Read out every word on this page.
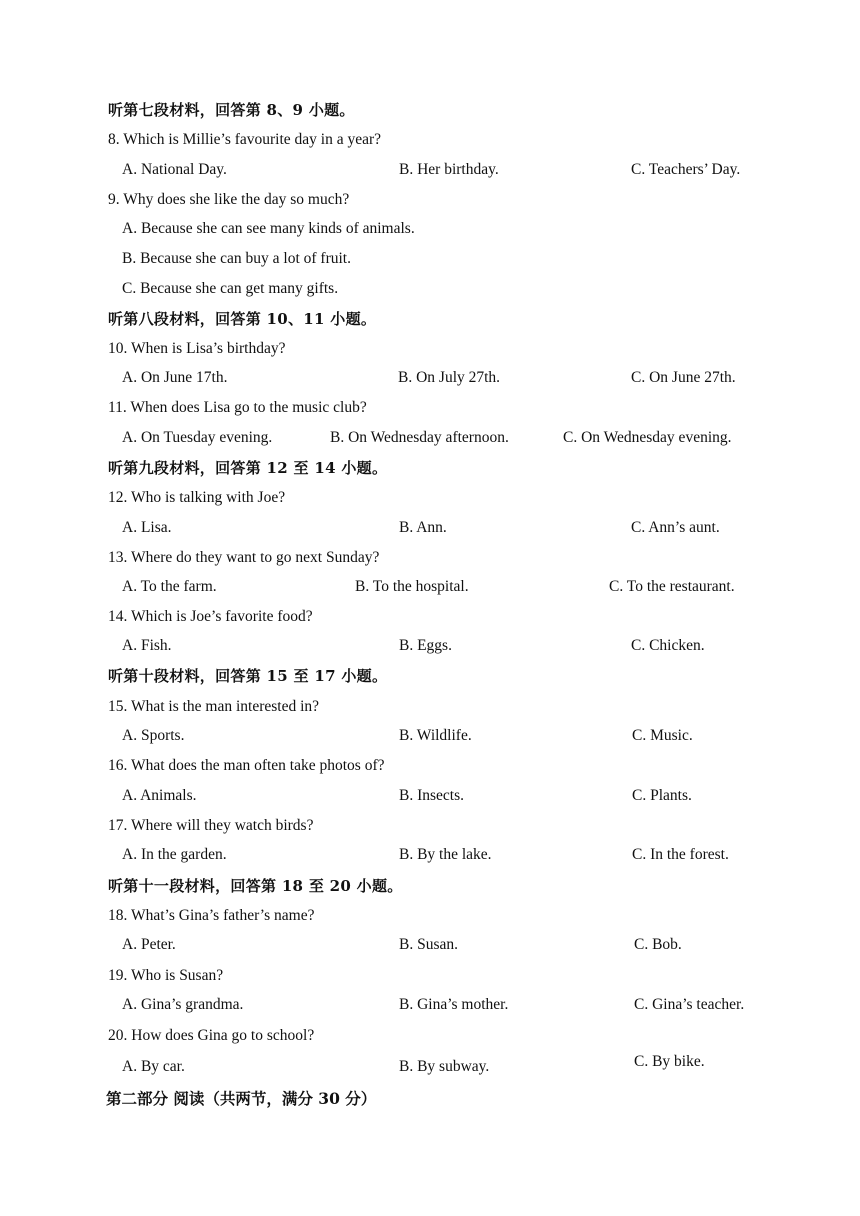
听第七段材料，回答第 8、9 小题。
8. Which is Millie’s favourite day in a year?
A. National Day.	B. Her birthday.	C. Teachers’ Day.
9. Why does she like the day so much?
A. Because she can see many kinds of animals.
B. Because she can buy a lot of fruit.
C. Because she can get many gifts.
听第八段材料，回答第 10、11 小题。
10. When is Lisa’s birthday?
A. On June 17th.	B. On July 27th.	C. On June 27th.
11. When does Lisa go to the music club?
A. On Tuesday evening.	B. On Wednesday afternoon.	C. On Wednesday evening.
听第九段材料，回答第 12 至 14 小题。
12. Who is talking with Joe?
A. Lisa.	B. Ann.	C. Ann’s aunt.
13. Where do they want to go next Sunday?
A. To the farm.	B. To the hospital.	C. To the restaurant.
14. Which is Joe’s favorite food?
A. Fish.	B. Eggs.	C. Chicken.
听第十段材料，回答第 15 至 17 小题。
15. What is the man interested in?
A. Sports.	B. Wildlife.	C. Music.
16. What does the man often take photos of?
A. Animals.	B. Insects.	C. Plants.
17. Where will they watch birds?
A. In the garden.	B. By the lake.	C. In the forest.
听第十一段材料，回答第 18 至 20 小题。
18. What’s Gina’s father’s name?
A. Peter.	B. Susan.	C. Bob.
19. Who is Susan?
A. Gina’s grandma.	B. Gina’s mother.	C. Gina’s teacher.
20. How does Gina go to school?
A. By car.	B. By subway.	C. By bike.
第二部分 阅读（共两节，满分 30 分）
